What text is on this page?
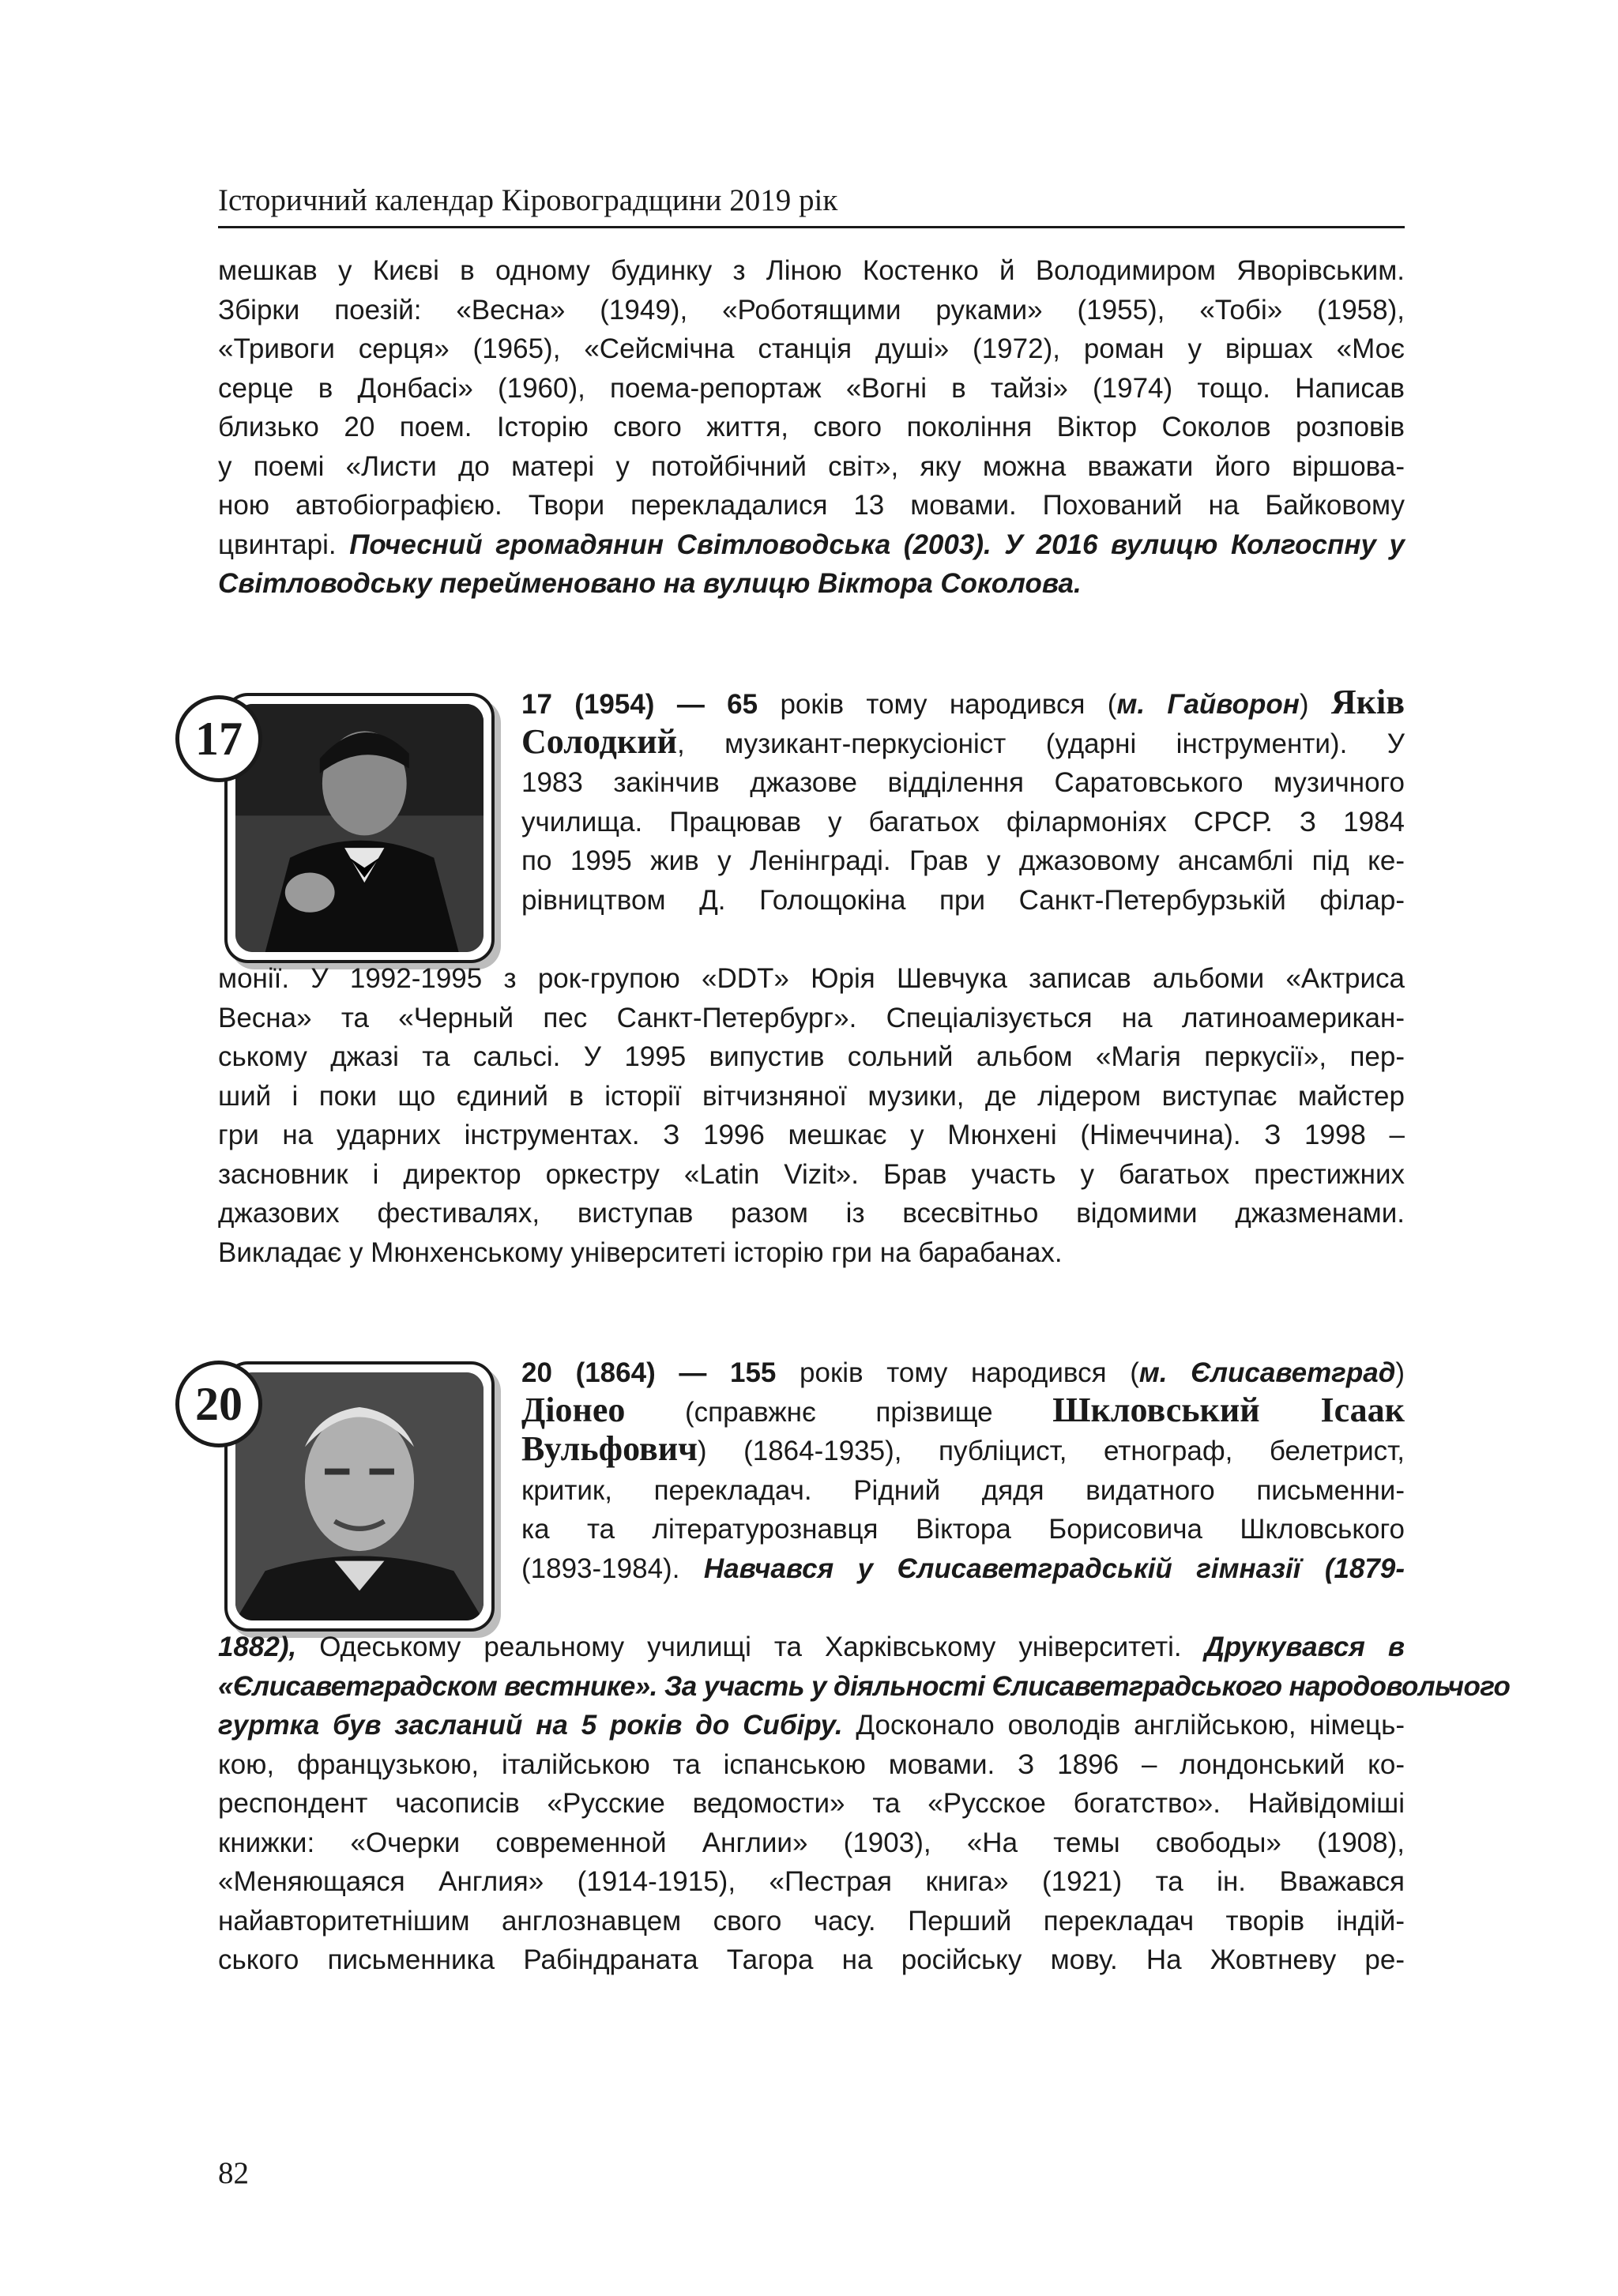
Історичний календар Кіровоградщини 2019 рік
мешкав у Києві в одному будинку з Ліною Костенко й Володимиром Яворівським.
Збірки поезій: «Весна» (1949), «Роботящими руками» (1955), «Тобі» (1958),
«Тривоги серця» (1965), «Сейсмічна станція душі» (1972), роман у віршах «Моє
серце в Донбасі» (1960), поема-репортаж «Вогні в тайзі» (1974) тощо. Написав
близько 20 поем. Історію свого життя, свого покоління Віктор Соколов розповів
у поемі «Листи до матері у потойбічний світ», яку можна вважати його віршова-
ною автобіографією. Твори перекладалися 13 мовами. Похований на Байковому
цвинтарі. Почесний громадянин Світловодська (2003). У 2016 вулицю Колгоспну у
Світловодську перейменовано на вулицю Віктора Соколова.
17
17 (1954) — 65 років тому народився (м. Гайворон) Яків
Солодкий, музикант-перкусіоніст (ударні інструменти). У
1983 закінчив джазове відділення Саратовського музичного
училища. Працював у багатьох філармоніях СРСР. З 1984
по 1995 жив у Ленінграді. Грав у джазовому ансамблі під ке-
рівництвом Д. Голощокіна при Санкт-Петербурзькій філар-
монії. У 1992-1995 з рок-групою «DDT» Юрія Шевчука записав альбоми «Актриса
Весна» та «Черный пес Санкт-Петербург». Спеціалізується на латиноамерикан-
ському джазі та сальсі. У 1995 випустив сольний альбом «Магія перкусії», пер-
ший і поки що єдиний в історії вітчизняної музики, де лідером виступає майстер
гри на ударних інструментах. З 1996 мешкає у Мюнхені (Німеччина). З 1998 –
засновник і директор оркестру «Latin Vizit». Брав участь у багатьох престижних
джазових фестивалях, виступав разом із всесвітньо відомими джазменами.
Викладає у Мюнхенському університеті історію гри на барабанах.
20
20 (1864) — 155 років тому народився (м. Єлисаветград)
Діонео (справжнє прізвище Шкловський Ісаак
Вульфович) (1864-1935), публіцист, етнограф, белетрист,
критик, перекладач. Рідний дядя видатного письменни-
ка та літературознавця Віктора Борисовича Шкловського
(1893-1984). Навчався у Єлисаветградській гімназії (1879-
1882), Одеському реальному училищі та Харківському університеті. Друкувався в
«Єлисаветградском вестнике». За участь у діяльності Єлисаветградського народовольчого
гуртка був засланий на 5 років до Сибіру. Досконало оволодів англійською, німець-
кою, французькою, італійською та іспанською мовами. З 1896 – лондонський ко-
респондент часописів «Русские ведомости» та «Русское богатство». Найвідоміші
книжки: «Очерки современной Англии» (1903), «На темы свободы» (1908),
«Меняющаяся Англия» (1914-1915), «Пестрая книга» (1921) та ін. Вважався
найавторитетнішим англознавцем свого часу. Перший перекладач творів індій-
ського письменника Рабіндраната Тагора на російську мову. На Жовтневу ре-
82
